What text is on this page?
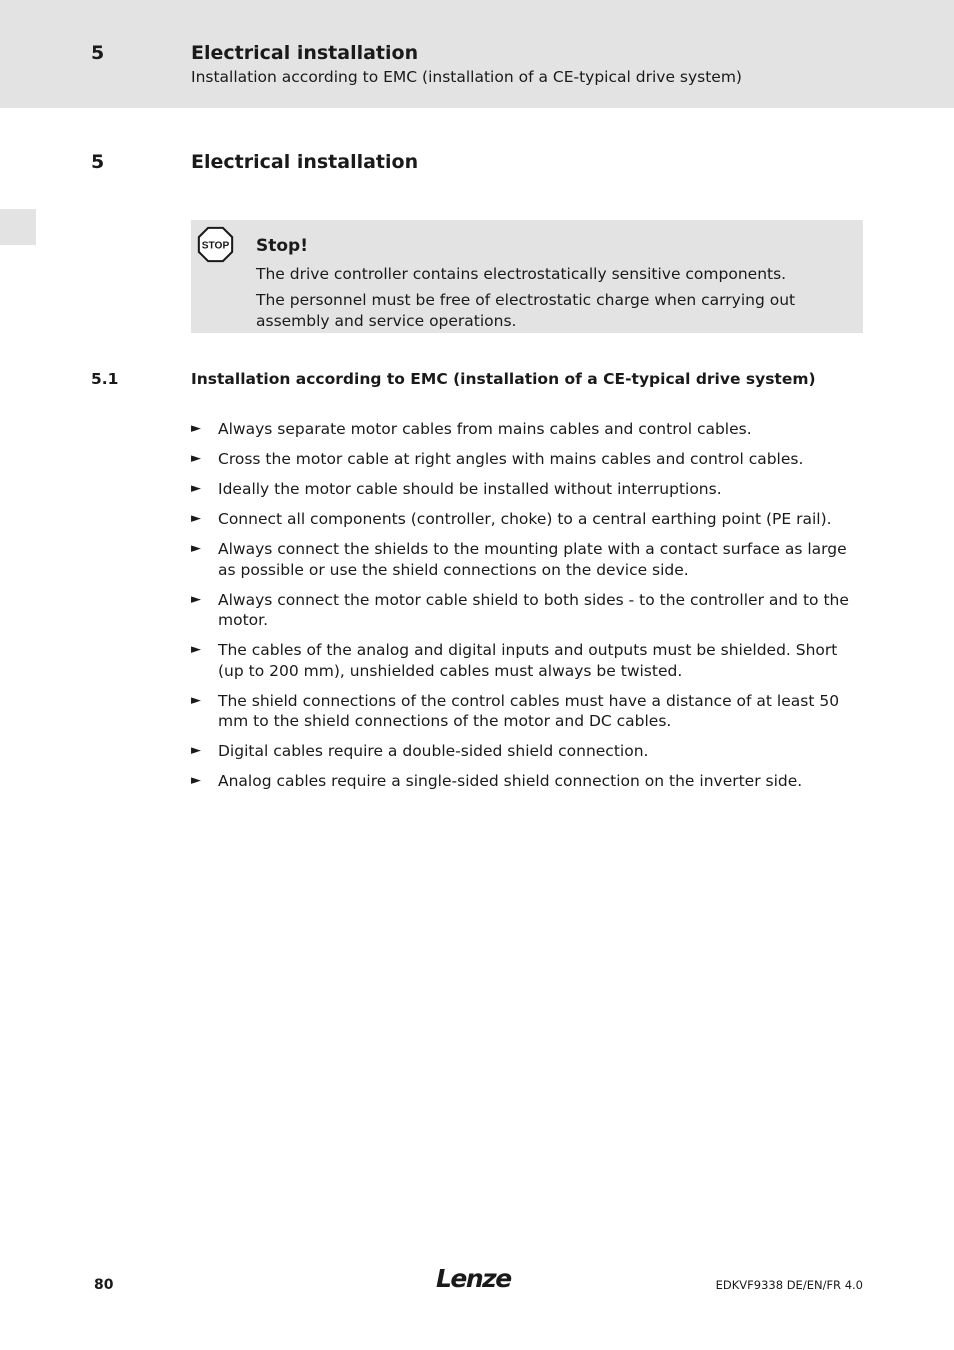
5	Electrical installation
Installation according to EMC (installation of a CE-typical drive system)
5	Electrical installation
STOP Stop!
The drive controller contains electrostatically sensitive components.
The personnel must be free of electrostatic charge when carrying out assembly and service operations.
5.1	Installation according to EMC (installation of a CE-typical drive system)
► Always separate motor cables from mains cables and control cables.
► Cross the motor cable at right angles with mains cables and control cables.
► Ideally the motor cable should be installed without interruptions.
► Connect all components (controller, choke) to a central earthing point (PE rail).
► Always connect the shields to the mounting plate with a contact surface as large as possible or use the shield connections on the device side.
► Always connect the motor cable shield to both sides - to the controller and to the motor.
► The cables of the analog and digital inputs and outputs must be shielded. Short (up to 200 mm), unshielded cables must always be twisted.
► The shield connections of the control cables must have a distance of at least 50 mm to the shield connections of the motor and DC cables.
► Digital cables require a double-sided shield connection.
► Analog cables require a single-sided shield connection on the inverter side.
80	Lenze	EDKVF9338 DE/EN/FR 4.0
